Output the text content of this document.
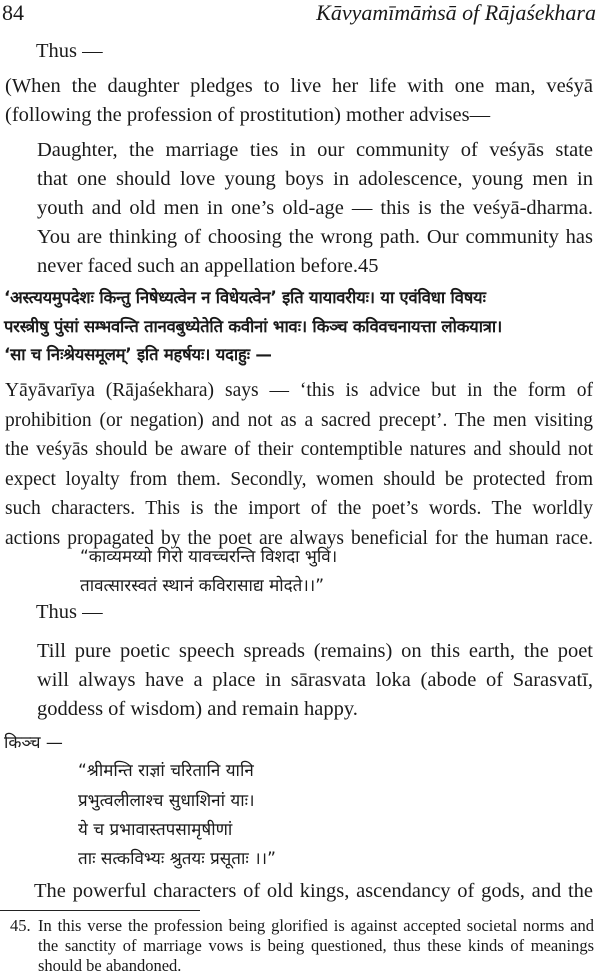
84	Kāvyamīmāṁsā of Rājaśekhara
Thus —
(When the daughter pledges to live her life with one man, veśyā
(following the profession of prostitution) mother advises—
Daughter, the marriage ties in our community of veśyās state
that one should love young boys in adolescence, young men in
youth and old men in one’s old-age — this is the veśyā-dharma.
You are thinking of choosing the wrong path. Our community has
never faced such an appellation before.45
‘अस्त्ययमुपदेशः किन्तु निषेध्यत्वेन न विधेयत्वेन’ इति यायावरीयः। या एवंविधा विषयः
परस्त्रीषु पुंसां सम्भवन्ति तानवबुध्येतेति कवीनां भावः। किञ्च कविवचनायत्ता लोकयात्रा।
‘सा च निःश्रेयसमूलम्’ इति महर्षयः। यदाहुः —
Yāyāvarīya (Rājaśekhara) says — ‘this is advice but in the form of
prohibition (or negation) and not as a sacred precept’. The men visiting
the veśyās should be aware of their contemptible natures and should not
expect loyalty from them. Secondly, women should be protected from
such characters. This is the import of the poet’s words. The worldly
actions propagated by the poet are always beneficial for the human race.
“काव्यमय्यो गिरो यावच्चरन्ति विशदा भुवि।
तावत्सारस्वतं स्थानं कविरासाद्य मोदते।।”
Thus —
Till pure poetic speech spreads (remains) on this earth, the poet
will always have a place in sārasvata loka (abode of Sarasvatī,
goddess of wisdom) and remain happy.
किञ्च —
“श्रीमन्ति राज्ञां चरितानि यानि
प्रभुत्वलीलाश्च सुधाशिनां याः।
ये च प्रभावास्तपसामृषीणां
ताः सत्कविभ्यः श्रुतयः प्रसूताः ।।”
The powerful characters of old kings, ascendancy of gods, and the
45. In this verse the profession being glorified is against accepted societal norms and
the sanctity of marriage vows is being questioned, thus these kinds of meanings
should be abandoned.
